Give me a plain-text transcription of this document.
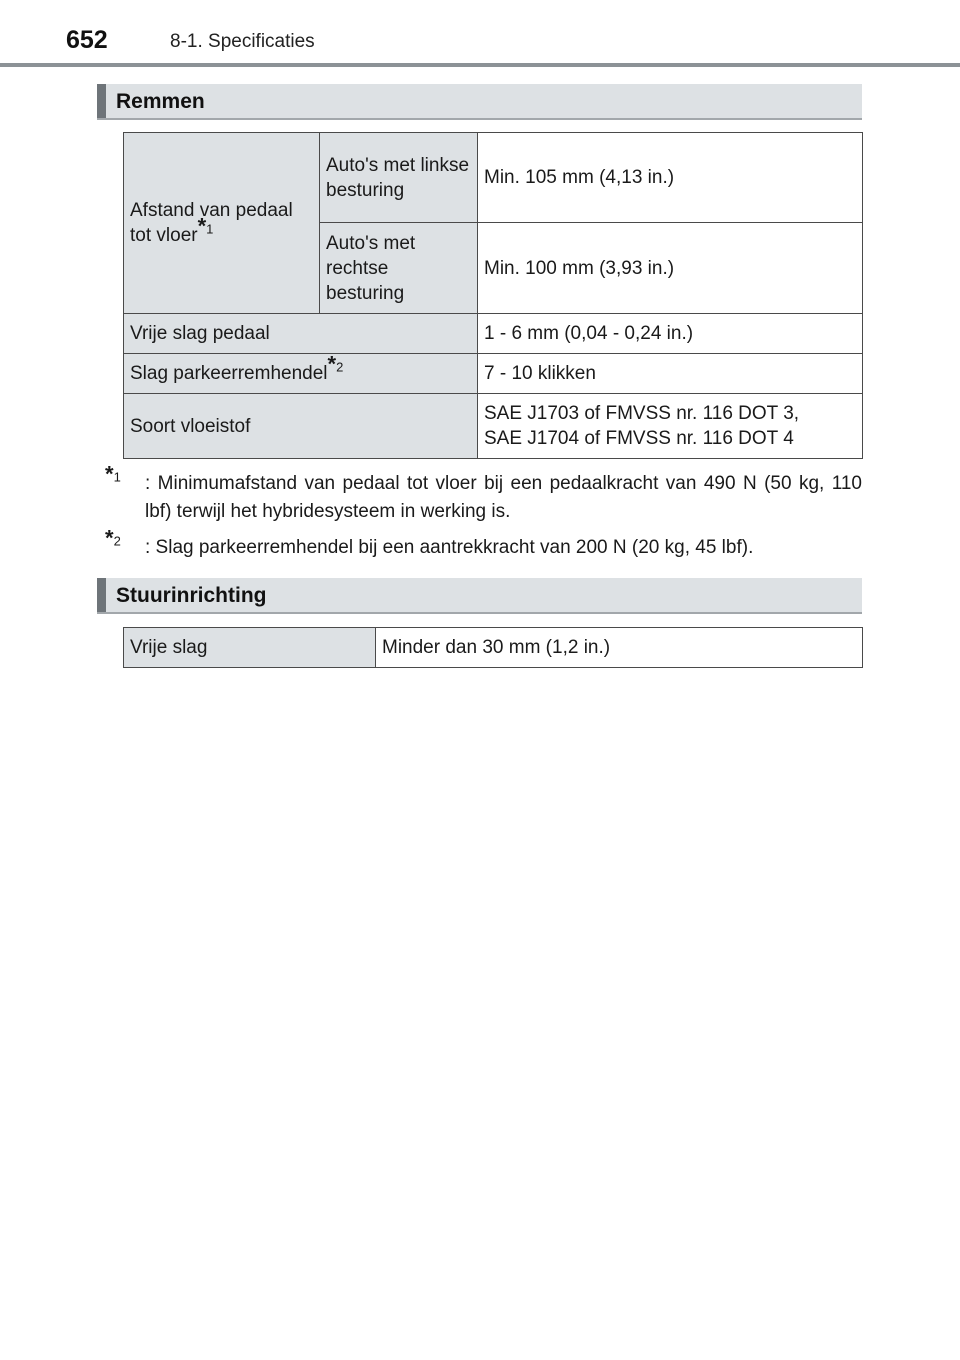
652	8-1. Specificaties
Remmen
Afstand van pedaal tot vloer*$^1$	Auto's met linkse besturing	Min. 105 mm (4,13 in.)
	Auto's met rechtse besturing	Min. 100 mm (3,93 in.)
Vrije slag pedaal		1 - 6 mm (0,04 - 0,24 in.)
Slag parkeerremhendel*$^2$		7 - 10 klikken
Soort vloeistof		SAE J1703 of FMVSS nr. 116 DOT 3,
SAE J1704 of FMVSS nr. 116 DOT 4
*$^1$	: Minimumafstand van pedaal tot vloer bij een pedaalkracht van 490 N (50 kg, 110 lbf) terwijl het hybridesysteem in werking is.
*$^2$	: Slag parkeerremhendel bij een aantrekkracht van 200 N (20 kg, 45 lbf).
Stuurinrichting
Vrije slag	Minder dan 30 mm (1,2 in.)
